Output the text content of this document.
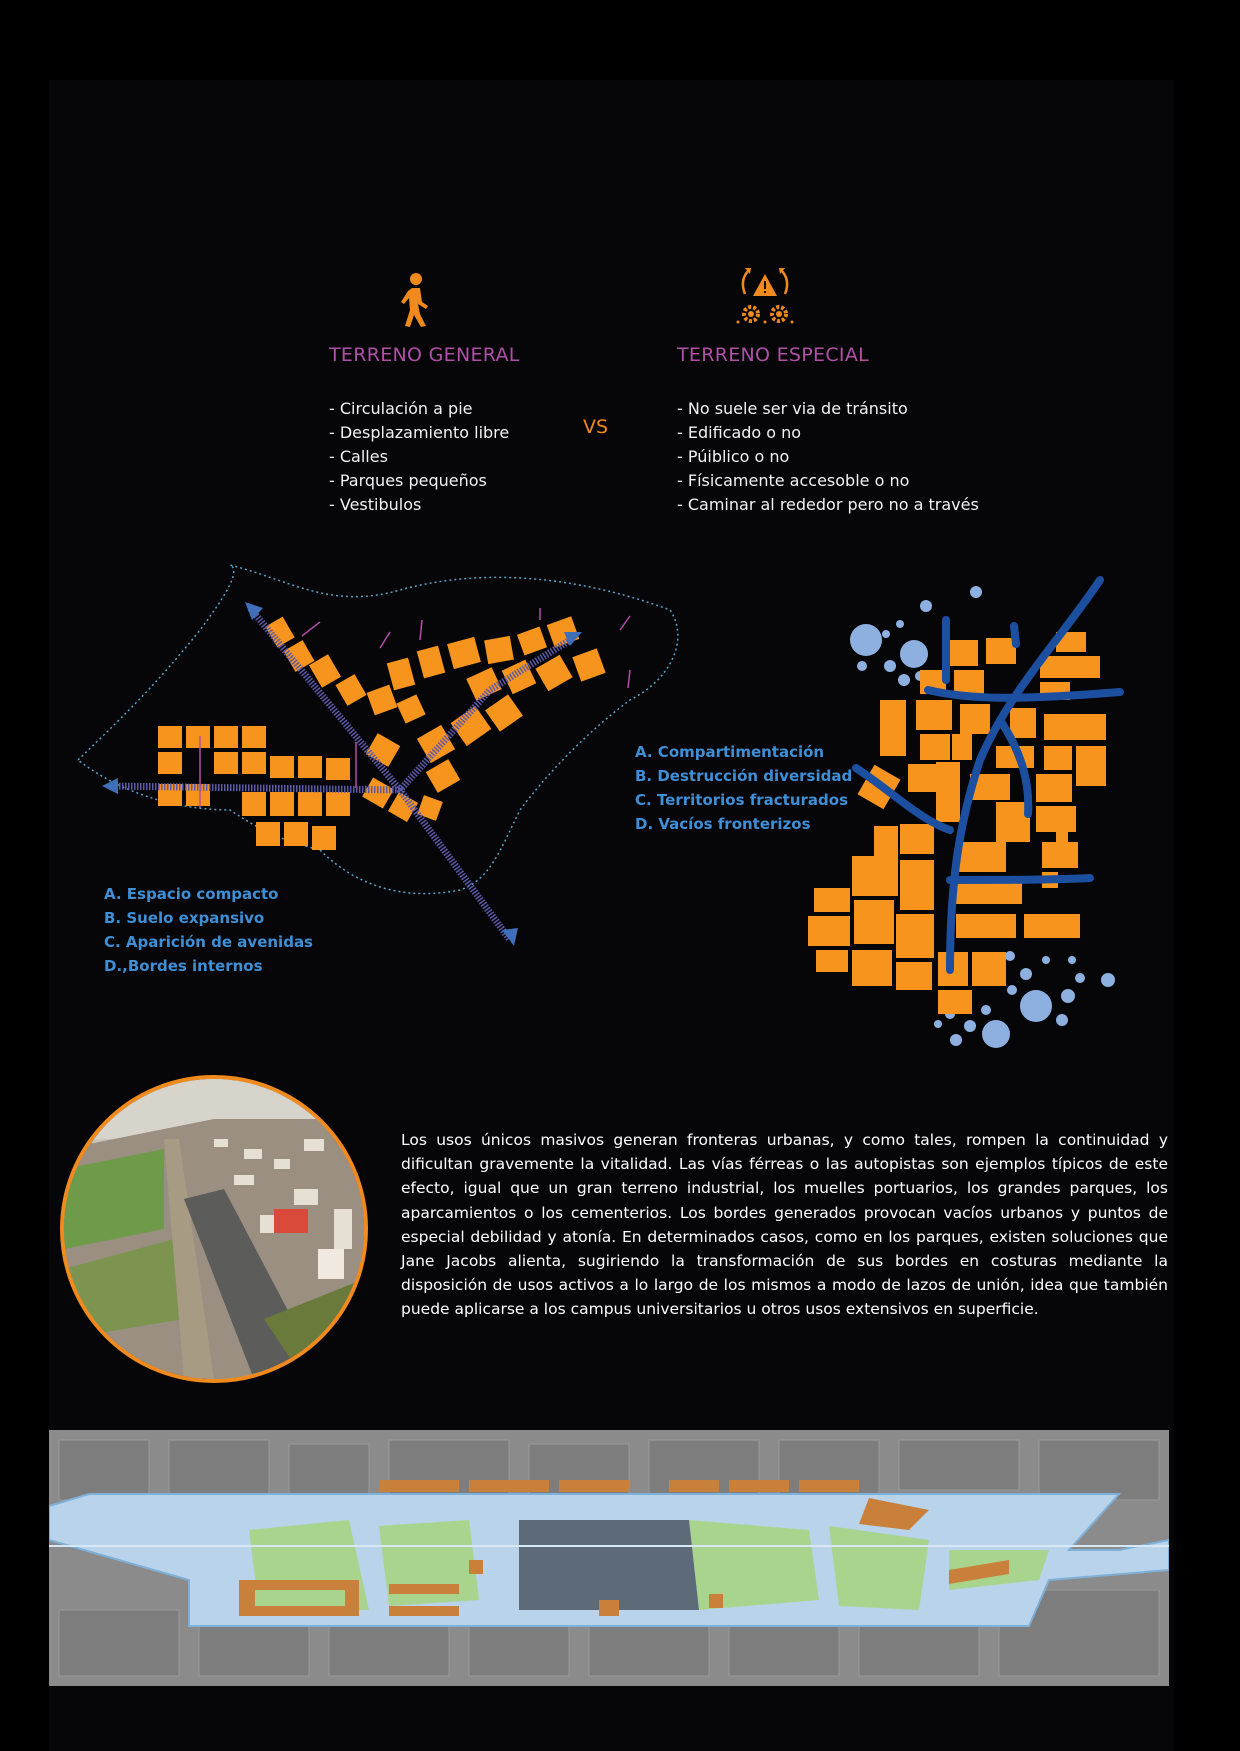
TERRENO GENERAL
- Circulación a pie
- Desplazamiento libre
- Calles
- Parques pequeños
- Vestibulos
VS
TERRENO ESPECIAL
- No suele ser via de tránsito
- Edificado o no
- Púiblico o no
- Físicamente accesoble o no
- Caminar al rededor pero no a través
A. Espacio compacto
B. Suelo expansivo
C. Aparición de avenidas
D.,Bordes internos
A. Compartimentación
B. Destrucción diversidad
C. Territorios fracturados
D. Vacíos fronterizos

Los usos únicos masivos generan fronteras urbanas, y como tales, rompen la continuidad y dificultan gravemente la vitalidad. Las vías férreas o las autopistas son ejemplos típicos de este efecto, igual que un gran terreno industrial, los muelles portuarios, los grandes parques, los aparcamientos o los cementerios. Los bordes generados provocan vacíos urbanos y puntos de especial debilidad y atonía. En determinados casos, como en los parques, existen soluciones que Jane Jacobs alienta, sugiriendo la transformación de sus bordes en costuras mediante la disposición de usos activos a lo largo de los mismos a modo de lazos de unión, idea que también puede aplicarse a los campus universitarios u otros usos extensivos en superficie.
